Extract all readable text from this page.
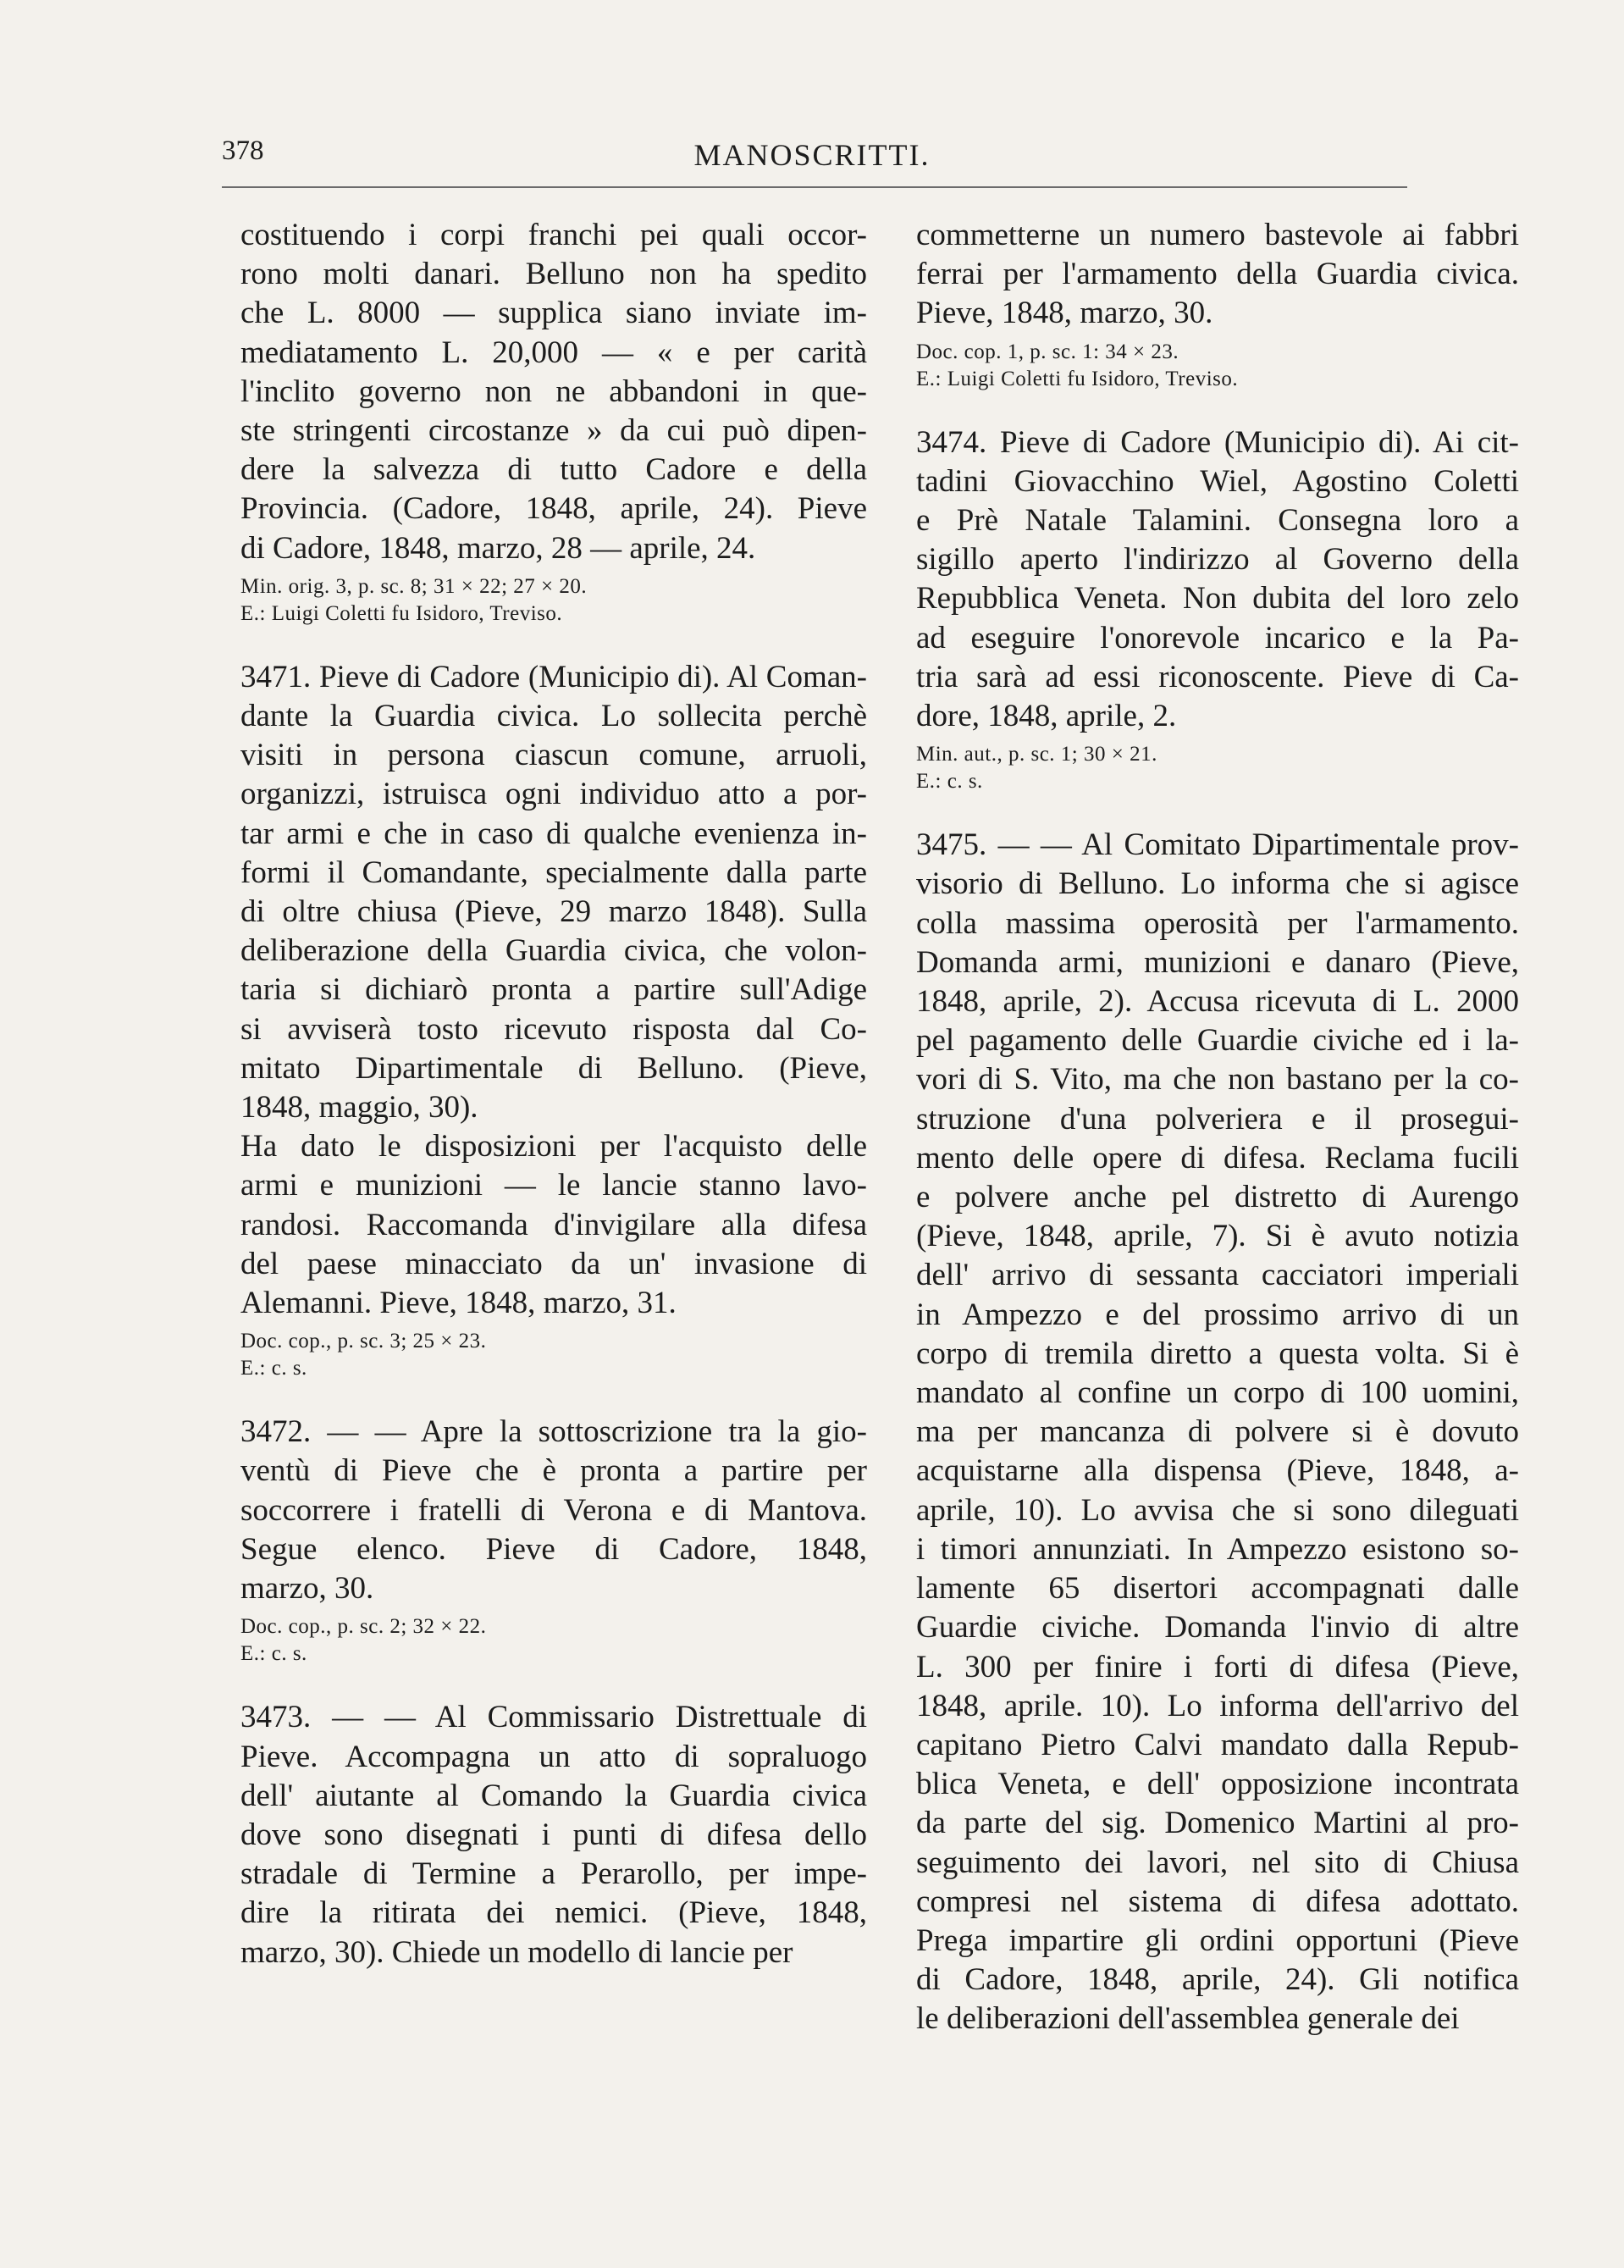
378	MANOSCRITTI.

costituendo i corpi franchi pei quali occor-
rono molti danari. Belluno non ha spedito
che L. 8000 — supplica siano inviate im-
mediatamento L. 20,000 — « e per carità
l'inclito governo non ne abbandoni in que-
ste stringenti circostanze » da cui può dipen-
dere la salvezza di tutto Cadore e della
Provincia. (Cadore, 1848, aprile, 24). Pieve
di Cadore, 1848, marzo, 28 — aprile, 24.

Min. orig. 3, p. sc. 8; 31 × 22; 27 × 20.
E.: Luigi Coletti fu Isidoro, Treviso.

3471. Pieve di Cadore (Municipio di). Al Coman-
dante la Guardia civica. Lo sollecita perchè
visiti in persona ciascun comune, arruoli,
organizzi, istruisca ogni individuo atto a por-
tar armi e che in caso di qualche evenienza in-
formi il Comandante, specialmente dalla parte
di oltre chiusa (Pieve, 29 marzo 1848). Sulla
deliberazione della Guardia civica, che volon-
taria si dichiarò pronta a partire sull'Adige
si avviserà tosto ricevuto risposta dal Co-
mitato Dipartimentale di Belluno. (Pieve,
1848, maggio, 30).

Ha dato le disposizioni per l'acquisto delle
armi e munizioni — le lancie stanno lavo-
randosi. Raccomanda d'invigilare alla difesa
del paese minacciato da un' invasione di
Alemanni. Pieve, 1848, marzo, 31.

Doc. cop., p. sc. 3; 25 × 23.
E.: c. s.

3472. — — Apre la sottoscrizione tra la gio-
ventù di Pieve che è pronta a partire per
soccorrere i fratelli di Verona e di Mantova.
Segue elenco. Pieve di Cadore, 1848,
marzo, 30.

Doc. cop., p. sc. 2; 32 × 22.
E.: c. s.

3473. — — Al Commissario Distrettuale di
Pieve. Accompagna un atto di sopraluogo
dell' aiutante al Comando la Guardia civica
dove sono disegnati i punti di difesa dello
stradale di Termine a Perarollo, per impe-
dire la ritirata dei nemici. (Pieve, 1848,
marzo, 30). Chiede un modello di lancie per

commetterne un numero bastevole ai fabbri
ferrai per l'armamento della Guardia civica.
Pieve, 1848, marzo, 30.

Doc. cop. 1, p. sc. 1: 34 × 23.
E.: Luigi Coletti fu Isidoro, Treviso.

3474. Pieve di Cadore (Municipio di). Ai cit-
tadini Giovacchino Wiel, Agostino Coletti
e Prè Natale Talamini. Consegna loro a
sigillo aperto l'indirizzo al Governo della
Repubblica Veneta. Non dubita del loro zelo
ad eseguire l'onorevole incarico e la Pa-
tria sarà ad essi riconoscente. Pieve di Ca-
dore, 1848, aprile, 2.

Min. aut., p. sc. 1; 30 × 21.
E.: c. s.

3475. — — Al Comitato Dipartimentale prov-
visorio di Belluno. Lo informa che si agisce
colla massima operosità per l'armamento.
Domanda armi, munizioni e danaro (Pieve,
1848, aprile, 2). Accusa ricevuta di L. 2000
pel pagamento delle Guardie civiche ed i la-
vori di S. Vito, ma che non bastano per la co-
struzione d'una polveriera e il prosegui-
mento delle opere di difesa. Reclama fucili
e polvere anche pel distretto di Aurengo
(Pieve, 1848, aprile, 7). Si è avuto notizia
dell' arrivo di sessanta cacciatori imperiali
in Ampezzo e del prossimo arrivo di un
corpo di tremila diretto a questa volta. Si è
mandato al confine un corpo di 100 uomini,
ma per mancanza di polvere si è dovuto
acquistarne alla dispensa (Pieve, 1848, a-
aprile, 10). Lo avvisa che si sono dileguati
i timori annunziati. In Ampezzo esistono so-
lamente 65 disertori accompagnati dalle
Guardie civiche. Domanda l'invio di altre
L. 300 per finire i forti di difesa (Pieve,
1848, aprile. 10). Lo informa dell'arrivo del
capitano Pietro Calvi mandato dalla Repub-
blica Veneta, e dell' opposizione incontrata
da parte del sig. Domenico Martini al pro-
seguimento dei lavori, nel sito di Chiusa
compresi nel sistema di difesa adottato.
Prega impartire gli ordini opportuni (Pieve
di Cadore, 1848, aprile, 24). Gli notifica
le deliberazioni dell'assemblea generale dei
